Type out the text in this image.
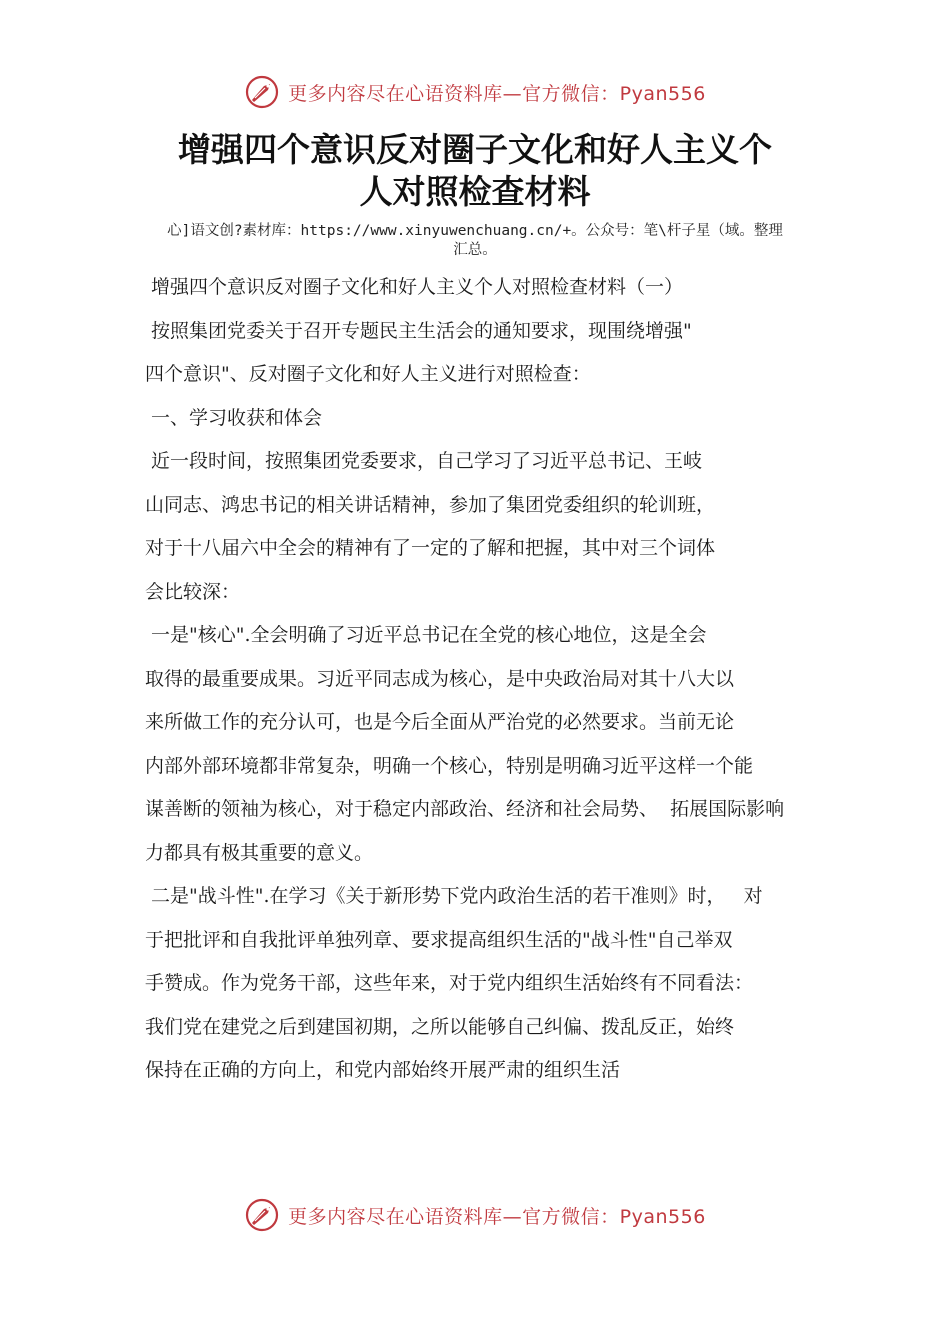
更多内容尽在心语资料库—官方微信：Pyan556
增强四个意识反对圈子文化和好人主义个
人对照检查材料

心]语文创?素材库：https://www.xinyuwenchuang.cn/+。公众号：笔\杆子星（域。整理

汇总。

增强四个意识反对圈子文化和好人主义个人对照检查材料（一）

按照集团党委关于召开专题民主生活会的通知要求，现围绕增强"

四个意识"、反对圈子文化和好人主义进行对照检查：

一、学习收获和体会

近一段时间，按照集团党委要求，自己学习了习近平总书记、王岐

山同志、鸿忠书记的相关讲话精神，参加了集团党委组织的轮训班，

对于十八届六中全会的精神有了一定的了解和把握，其中对三个词体

会比较深：

一是"核心".全会明确了习近平总书记在全党的核心地位，这是全会

取得的最重要成果。习近平同志成为核心，是中央政治局对其十八大以

来所做工作的充分认可，也是今后全面从严治党的必然要求。当前无论

内部外部环境都非常复杂，明确一个核心，特别是明确习近平这样一个能

谋善断的领袖为核心，对于稳定内部政治、经济和社会局势、  拓展国际影响

力都具有极其重要的意义。

二是"战斗性".在学习《关于新形势下党内政治生活的若干准则》时，   对

于把批评和自我批评单独列章、要求提高组织生活的"战斗性"自己举双

手赞成。作为党务干部，这些年来，对于党内组织生活始终有不同看法：

我们党在建党之后到建国初期，之所以能够自己纠偏、拨乱反正，始终

保持在正确的方向上，和党内部始终开展严肃的组织生活

更多内容尽在心语资料库—官方微信：Pyan556
